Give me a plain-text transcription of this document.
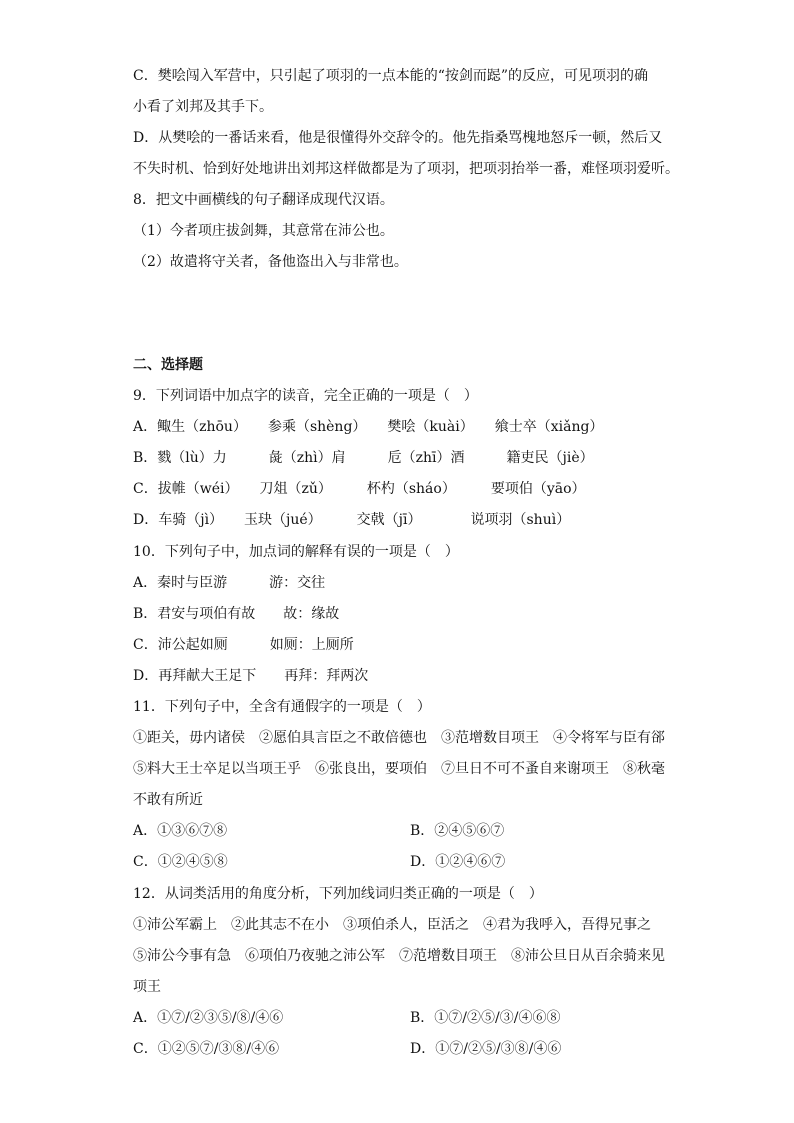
C．樊哙闯入军营中，只引起了项羽的一点本能的“按剑而跽”的反应，可见项羽的确
小看了刘邦及其手下。
D．从樊哙的一番话来看，他是很懂得外交辞令的。他先指桑骂槐地怒斥一顿，然后又
不失时机、恰到好处地讲出刘邦这样做都是为了项羽，把项羽抬举一番，难怪项羽爱听。
8．把文中画横线的句子翻译成现代汉语。
（1）今者项庄拔剑舞，其意常在沛公也。
（2）故遣将守关者，备他盗出入与非常也。
二、选择题
9．下列词语中加点字的读音，完全正确的一项是（　）
A．鲰生（zhōu）　　参乘（shèng）　　樊哙（kuài）　　飨士卒（xiǎng）
B．戮（lù）力　　　彘（zhì）肩　　　卮（zhī）酒　　　籍吏民（jiè）
C．拔帷（wéi）　　刀俎（zǔ）　　　杯杓（sháo）　　　要项伯（yāo）
D．车骑（jì）　　玉玦（jué）　　　交戟（jī）　　　　说项羽（shuì）
10．下列句子中，加点词的解释有误的一项是（　）
A．秦时与臣游　　　游：交往
B．君安与项伯有故　　故：缘故
C．沛公起如厕　　　如厕：上厕所
D．再拜献大王足下　　再拜：拜两次
11．下列句子中，全含有通假字的一项是（　）
①距关，毋内诸侯　②愿伯具言臣之不敢倍德也　③范增数目项王　④令将军与臣有郤
⑤料大王士卒足以当项王乎　⑥张良出，要项伯　⑦旦日不可不蚤自来谢项王　⑧秋毫
不敢有所近
A．①③⑥⑦⑧	B．②④⑤⑥⑦
C．①②④⑤⑧	D．①②④⑥⑦
12．从词类活用的角度分析，下列加线词归类正确的一项是（　）
①沛公军霸上　②此其志不在小　③项伯杀人，臣活之　④君为我呼入，吾得兄事之
⑤沛公今事有急　⑥项伯乃夜驰之沛公军　⑦范增数目项王　⑧沛公旦日从百余骑来见
项王
A．①⑦/②③⑤/⑧/④⑥	B．①⑦/②⑤/③/④⑥⑧
C．①②⑤⑦/③⑧/④⑥	D．①⑦/②⑤/③⑧/④⑥
